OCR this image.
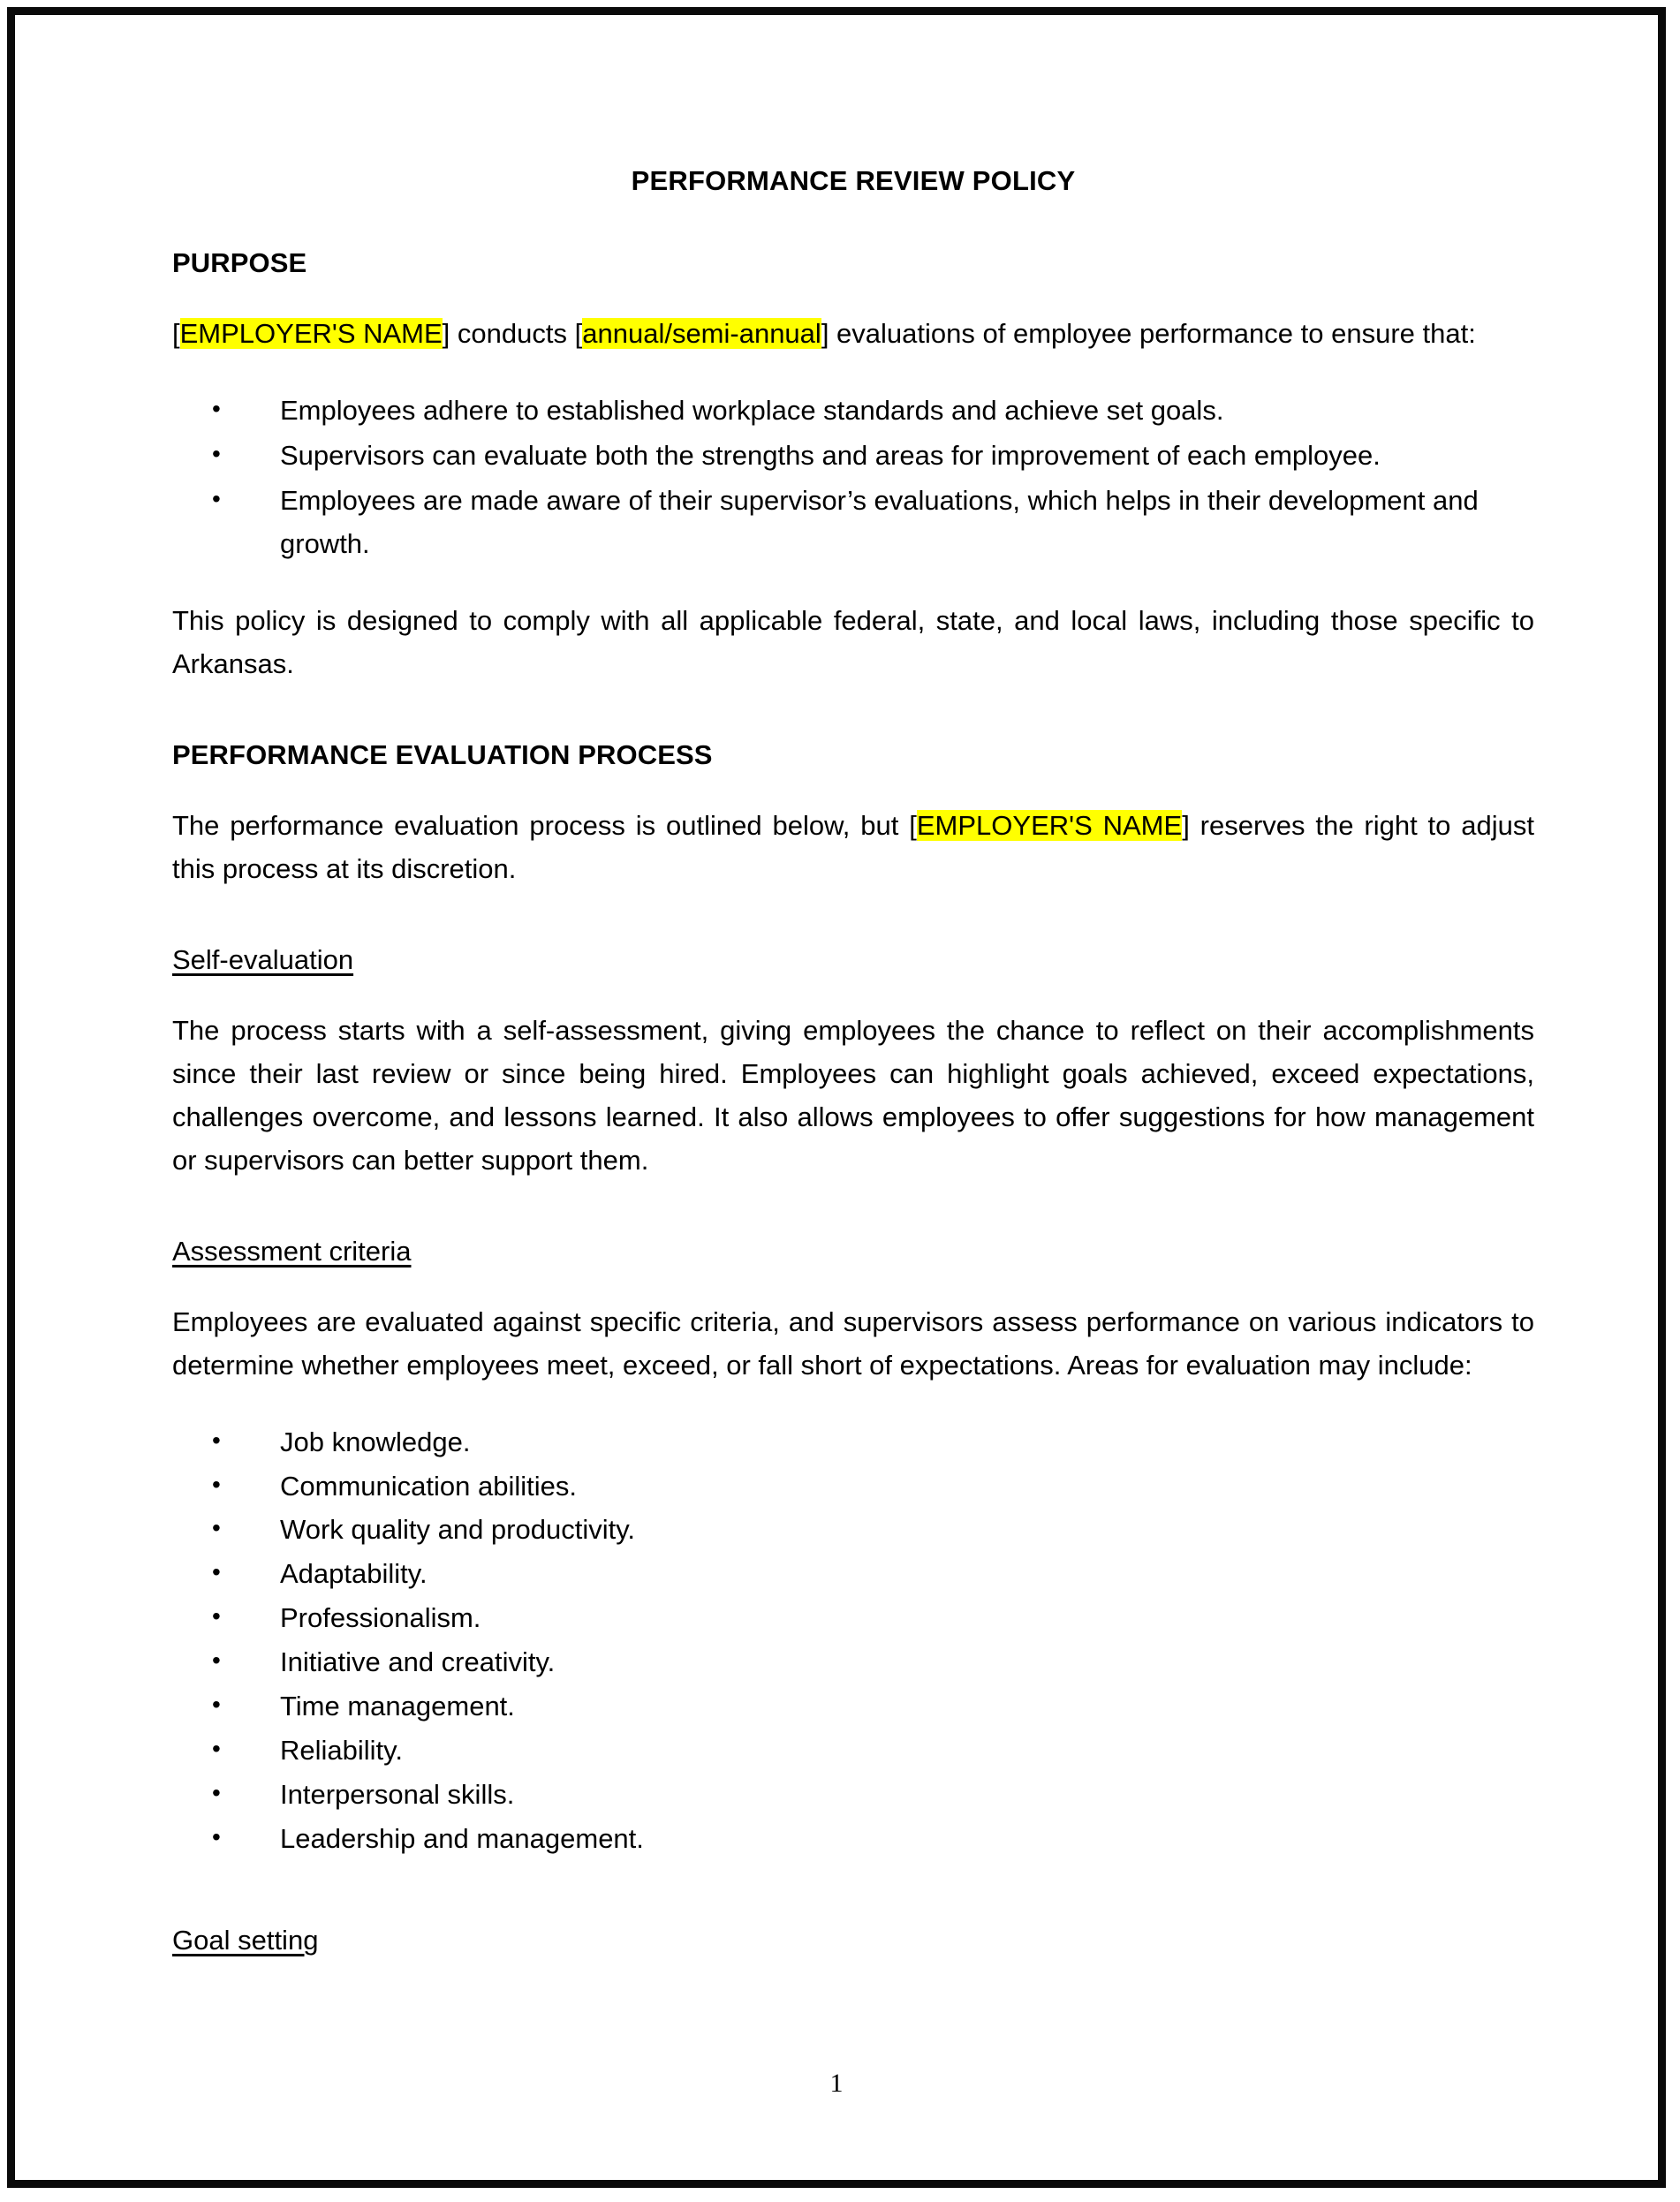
PERFORMANCE REVIEW POLICY
PURPOSE

[EMPLOYER'S NAME] conducts [annual/semi-annual] evaluations of employee performance to ensure that:

• Employees adhere to established workplace standards and achieve set goals.
• Supervisors can evaluate both the strengths and areas for improvement of each employee.
• Employees are made aware of their supervisor’s evaluations, which helps in their development and growth.

This policy is designed to comply with all applicable federal, state, and local laws, including those specific to Arkansas.

PERFORMANCE EVALUATION PROCESS

The performance evaluation process is outlined below, but [EMPLOYER'S NAME] reserves the right to adjust this process at its discretion.

Self-evaluation

The process starts with a self-assessment, giving employees the chance to reflect on their accomplishments since their last review or since being hired. Employees can highlight goals achieved, exceed expectations, challenges overcome, and lessons learned. It also allows employees to offer suggestions for how management or supervisors can better support them.

Assessment criteria

Employees are evaluated against specific criteria, and supervisors assess performance on various indicators to determine whether employees meet, exceed, or fall short of expectations. Areas for evaluation may include:

• Job knowledge.
• Communication abilities.
• Work quality and productivity.
• Adaptability.
• Professionalism.
• Initiative and creativity.
• Time management.
• Reliability.
• Interpersonal skills.
• Leadership and management.
Goal setting
1
